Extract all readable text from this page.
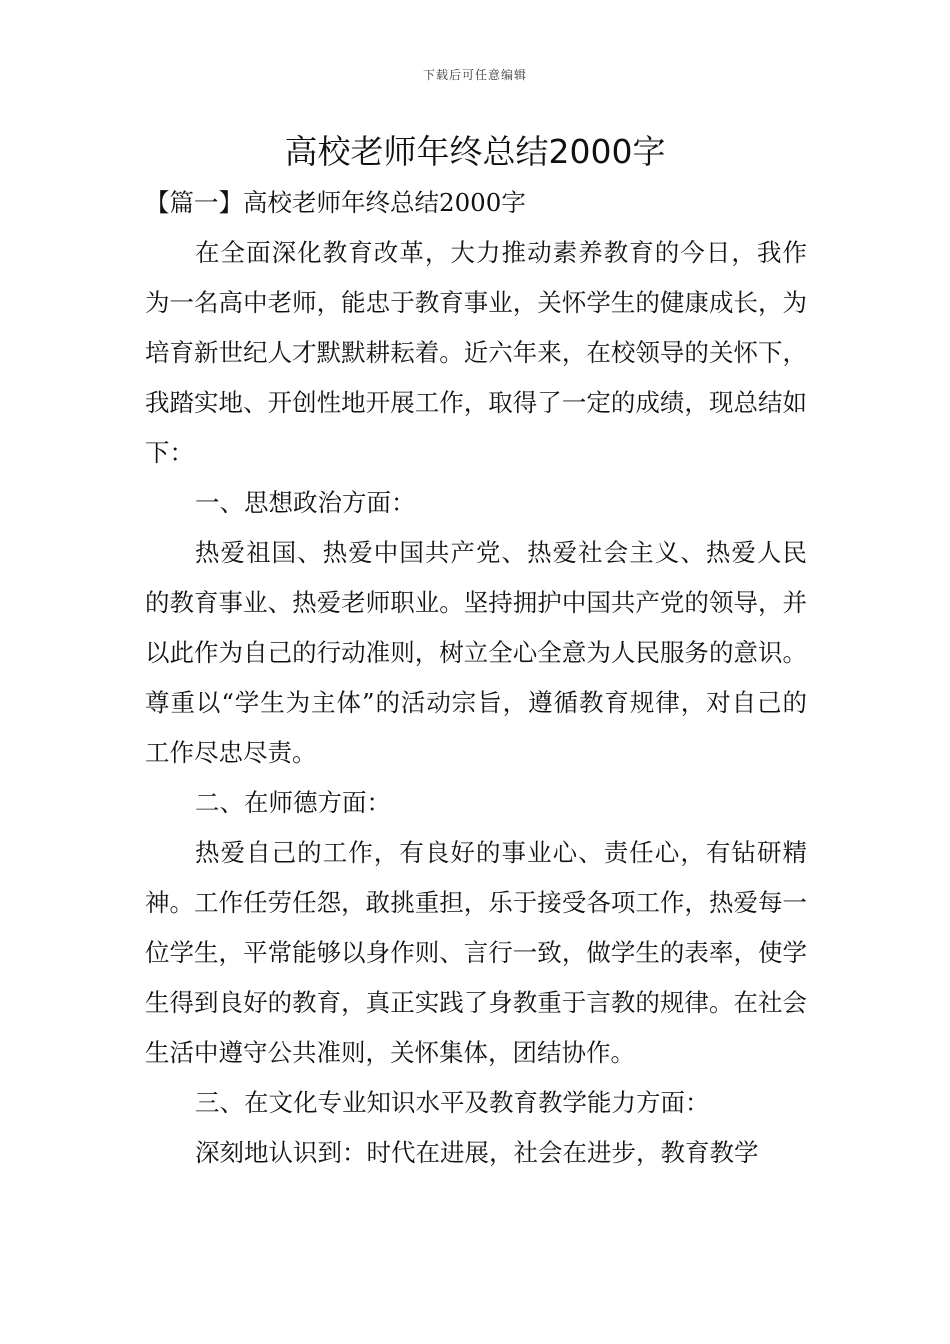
下载后可任意编辑
高校老师年终总结2000字

【篇一】高校老师年终总结2000字

在全面深化教育改革，大力推动素养教育的今日，我作为一名高中老师，能忠于教育事业，关怀学生的健康成长，为培育新世纪人才默默耕耘着。近六年来，在校领导的关怀下，我踏实地、开创性地开展工作，取得了一定的成绩，现总结如下：

一、思想政治方面：

热爱祖国、热爱中国共产党、热爱社会主义、热爱人民的教育事业、热爱老师职业。坚持拥护中国共产党的领导，并以此作为自己的行动准则，树立全心全意为人民服务的意识。尊重以“学生为主体”的活动宗旨，遵循教育规律，对自己的工作尽忠尽责。

二、在师德方面：

热爱自己的工作，有良好的事业心、责任心，有钻研精神。工作任劳任怨，敢挑重担，乐于接受各项工作，热爱每一位学生，平常能够以身作则、言行一致，做学生的表率，使学生得到良好的教育，真正实践了身教重于言教的规律。在社会生活中遵守公共准则，关怀集体，团结协作。

三、在文化专业知识水平及教育教学能力方面：

深刻地认识到：时代在进展，社会在进步，教育教学
